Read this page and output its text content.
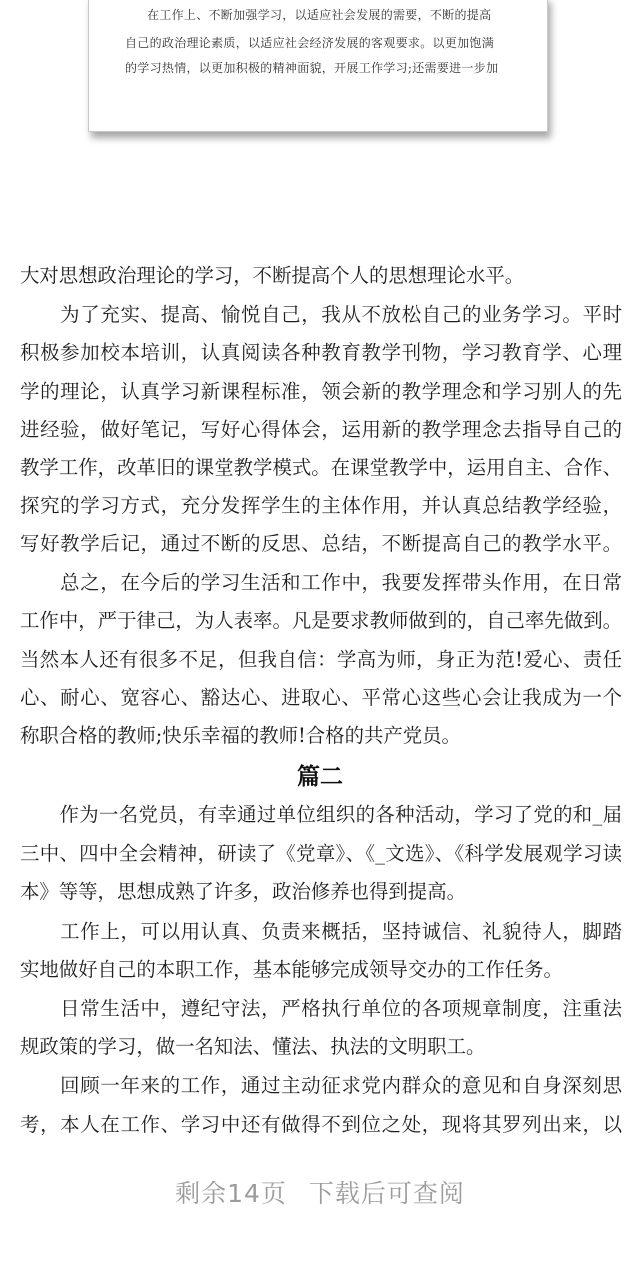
在工作上、不断加强学习，以适应社会发展的需要，不断的提高
自己的政治理论素质，以适应社会经济发展的客观要求。以更加饱满
的学习热情，以更加积极的精神面貌，开展工作学习;还需要进一步加
大对思想政治理论的学习，不断提高个人的思想理论水平。
　　为了充实、提高、愉悦自己，我从不放松自己的业务学习。平时
积极参加校本培训，认真阅读各种教育教学刊物，学习教育学、心理
学的理论，认真学习新课程标准，领会新的教学理念和学习别人的先
进经验，做好笔记，写好心得体会，运用新的教学理念去指导自己的
教学工作，改革旧的课堂教学模式。在课堂教学中，运用自主、合作、
探究的学习方式，充分发挥学生的主体作用，并认真总结教学经验，
写好教学后记，通过不断的反思、总结，不断提高自己的教学水平。
　　总之，在今后的学习生活和工作中，我要发挥带头作用，在日常
工作中，严于律己，为人表率。凡是要求教师做到的，自己率先做到。
当然本人还有很多不足，但我自信：学高为师，身正为范!爱心、责任
心、耐心、宽容心、豁达心、进取心、平常心这些心会让我成为一个
称职合格的教师;快乐幸福的教师!合格的共产党员。
篇二
　　作为一名党员，有幸通过单位组织的各种活动，学习了党的和_届
三中、四中全会精神，研读了《党章》、《_文选》、《科学发展观学习读
本》等等，思想成熟了许多，政治修养也得到提高。
　　工作上，可以用认真、负责来概括，坚持诚信、礼貌待人，脚踏
实地做好自己的本职工作，基本能够完成领导交办的工作任务。
　　日常生活中，遵纪守法，严格执行单位的各项规章制度，注重法
规政策的学习，做一名知法、懂法、执法的文明职工。
　　回顾一年来的工作，通过主动征求党内群众的意见和自身深刻思
考，本人在工作、学习中还有做得不到位之处，现将其罗列出来，以
剩余14页 下载后可查阅
